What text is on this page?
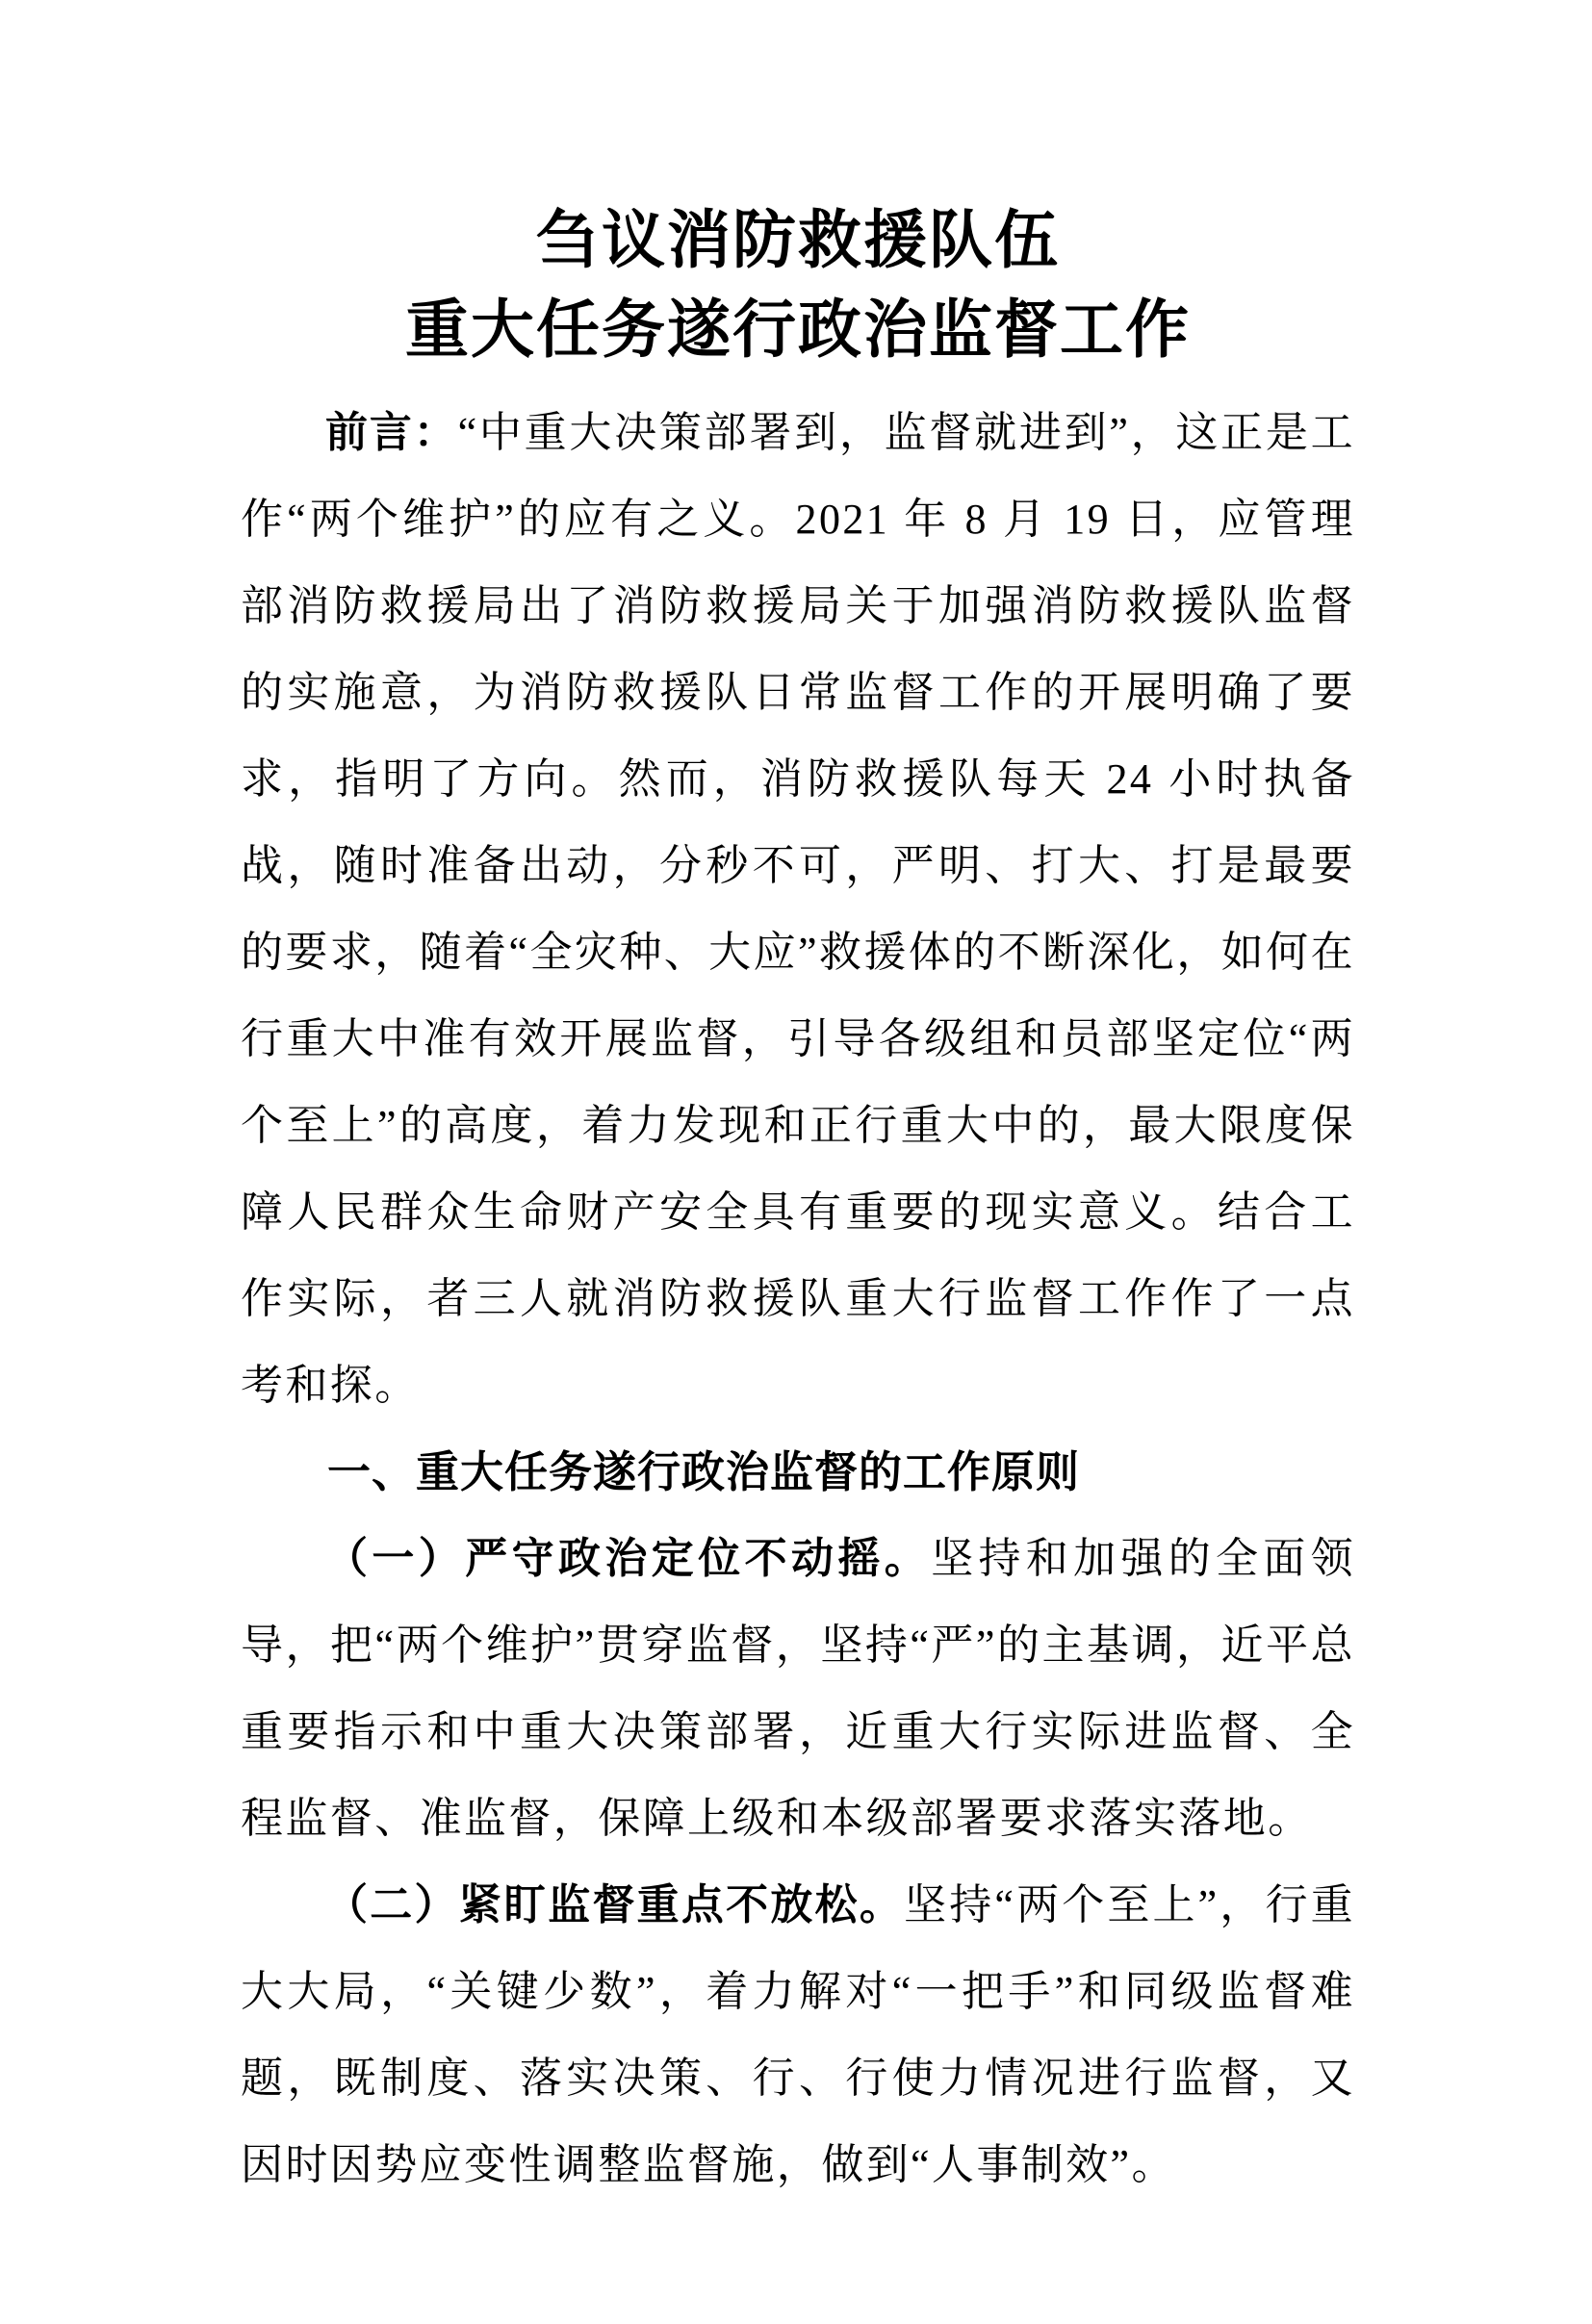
刍议消防救援队伍
重大任务遂行政治监督工作

前言：“中重大决策部署到，监督就进到”，这正是工作“两个维护”的应有之义。2021 年 8 月 19 日，应管理部消防救援局出了消防救援局关于加强消防救援队监督的实施意，为消防救援队日常监督工作的开展明确了要求，指明了方向。然而，消防救援队每天 24 小时执备战，随时准备出动，分秒不可，严明、打大、打是最要的要求，随着“全灾种、大应”救援体的不断深化，如何在行重大中准有效开展监督，引导各级组和员部坚定位“两个至上”的高度，着力发现和正行重大中的，最大限度保障人民群众生命财产安全具有重要的现实意义。结合工作实际，者三人就消防救援队重大行监督工作作了一点考和探。

一、重大任务遂行政治监督的工作原则

（一）严守政治定位不动摇。坚持和加强的全面领导，把“两个维护”贯穿监督，坚持“严”的主基调，近平总重要指示和中重大决策部署，近重大行实际进监督、全程监督、准监督，保障上级和本级部署要求落实落地。

（二）紧盯监督重点不放松。坚持“两个至上”，行重大大局，“关键少数”，着力解对“一把手”和同级监督难题，既制度、落实决策、行、行使力情况进行监督，又因时因势应变性调整监督施，做到“人事制效”。
